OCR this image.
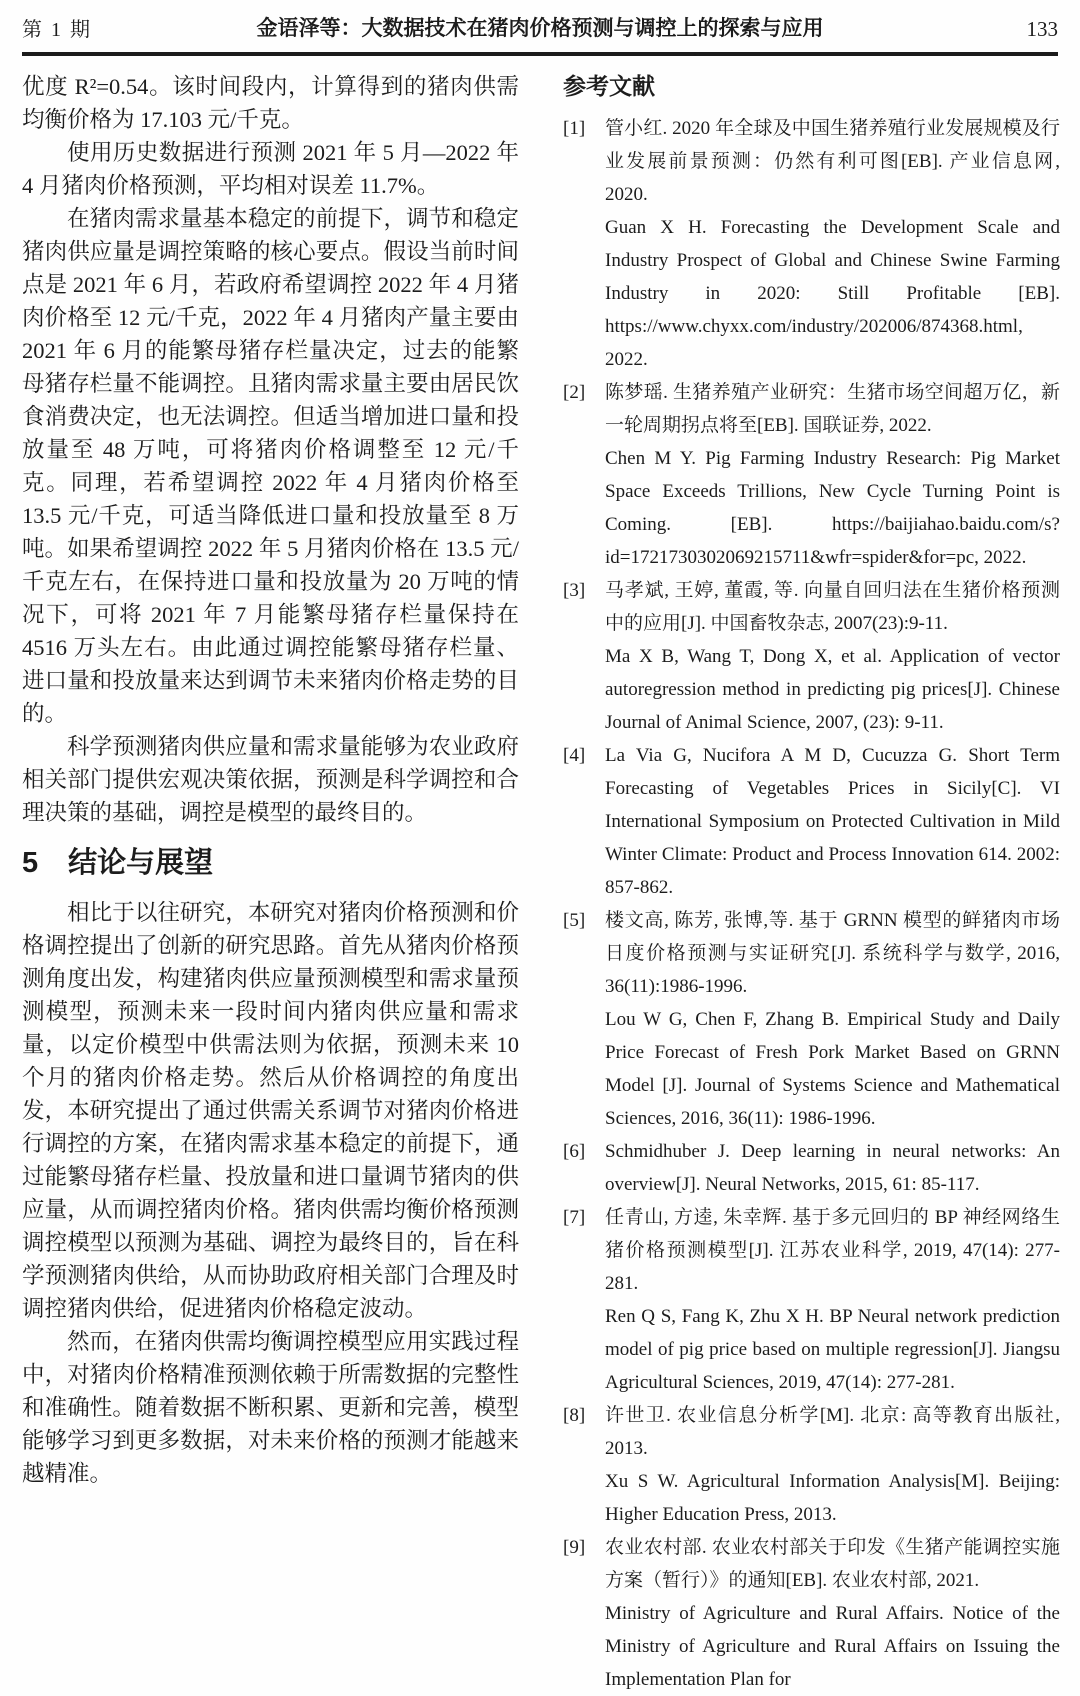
第 1 期	金语泽等：大数据技术在猪肉价格预测与调控上的探索与应用	133

优度 R²=0.54。该时间段内，计算得到的猪肉供需均衡价格为 17.103 元/千克。

使用历史数据进行预测 2021 年 5 月—2022 年 4 月猪肉价格预测，平均相对误差 11.7%。

在猪肉需求量基本稳定的前提下，调节和稳定猪肉供应量是调控策略的核心要点。假设当前时间点是 2021 年 6 月，若政府希望调控 2022 年 4 月猪肉价格至 12 元/千克，2022 年 4 月猪肉产量主要由 2021 年 6 月的能繁母猪存栏量决定，过去的能繁母猪存栏量不能调控。且猪肉需求量主要由居民饮食消费决定，也无法调控。但适当增加进口量和投放量至 48 万吨，可将猪肉价格调整至 12 元/千克。同理，若希望调控 2022 年 4 月猪肉价格至 13.5 元/千克，可适当降低进口量和投放量至 8 万吨。如果希望调控 2022 年 5 月猪肉价格在 13.5 元/千克左右，在保持进口量和投放量为 20 万吨的情况下，可将 2021 年 7 月能繁母猪存栏量保持在 4516 万头左右。由此通过调控能繁母猪存栏量、进口量和投放量来达到调节未来猪肉价格走势的目的。

科学预测猪肉供应量和需求量能够为农业政府相关部门提供宏观决策依据，预测是科学调控和合理决策的基础，调控是模型的最终目的。

5 结论与展望

相比于以往研究，本研究对猪肉价格预测和价格调控提出了创新的研究思路。首先从猪肉价格预测角度出发，构建猪肉供应量预测模型和需求量预测模型，预测未来一段时间内猪肉供应量和需求量，以定价模型中供需法则为依据，预测未来 10 个月的猪肉价格走势。然后从价格调控的角度出发，本研究提出了通过供需关系调节对猪肉价格进行调控的方案，在猪肉需求基本稳定的前提下，通过能繁母猪存栏量、投放量和进口量调节猪肉的供应量，从而调控猪肉价格。猪肉供需均衡价格预测调控模型以预测为基础、调控为最终目的，旨在科学预测猪肉供给，从而协助政府相关部门合理及时调控猪肉供给，促进猪肉价格稳定波动。

然而，在猪肉供需均衡调控模型应用实践过程中，对猪肉价格精准预测依赖于所需数据的完整性和准确性。随着数据不断积累、更新和完善，模型能够学习到更多数据，对未来价格的预测才能越来越精准。

参考文献
[1]	管小红. 2020 年全球及中国生猪养殖行业发展规模及行业发展前景预测：仍然有利可图[EB]. 产业信息网, 2020.
Guan X H. Forecasting the Development Scale and Industry Prospect of Global and Chinese Swine Farming Industry in 2020: Still Profitable [EB]. https://www.chyxx.com/industry/202006/874368.html, 2022.
[2]	陈梦瑶. 生猪养殖产业研究：生猪市场空间超万亿，新一轮周期拐点将至[EB]. 国联证券, 2022.
Chen M Y. Pig Farming Industry Research: Pig Market Space Exceeds Trillions, New Cycle Turning Point is Coming. [EB]. https://baijiahao.baidu.com/s?id=1721730302069215711&wfr=spider&for=pc, 2022.
[3]	马孝斌, 王婷, 董霞, 等. 向量自回归法在生猪价格预测中的应用[J]. 中国畜牧杂志, 2007(23):9-11.
Ma X B, Wang T, Dong X, et al. Application of vector autoregression method in predicting pig prices[J]. Chinese Journal of Animal Science, 2007, (23): 9-11.
[4]	La Via G, Nucifora A M D, Cucuzza G. Short Term Forecasting of Vegetables Prices in Sicily[C]. VI International Symposium on Protected Cultivation in Mild Winter Climate: Product and Process Innovation 614. 2002: 857-862.
[5]	楼文高, 陈芳, 张博,等. 基于 GRNN 模型的鲜猪肉市场日度价格预测与实证研究[J]. 系统科学与数学, 2016, 36(11):1986-1996.
Lou W G, Chen F, Zhang B. Empirical Study and Daily Price Forecast of Fresh Pork Market Based on GRNN Model [J]. Journal of Systems Science and Mathematical Sciences, 2016, 36(11): 1986-1996.
[6]	Schmidhuber J. Deep learning in neural networks: An overview[J]. Neural Networks, 2015, 61: 85-117.
[7]	任青山, 方逵, 朱幸辉. 基于多元回归的 BP 神经网络生猪价格预测模型[J]. 江苏农业科学, 2019, 47(14): 277-281.
Ren Q S, Fang K, Zhu X H. BP Neural network prediction model of pig price based on multiple regression[J]. Jiangsu Agricultural Sciences, 2019, 47(14): 277-281.
[8]	许世卫. 农业信息分析学[M]. 北京: 高等教育出版社, 2013.
Xu S W. Agricultural Information Analysis[M]. Beijing: Higher Education Press, 2013.
[9]	农业农村部. 农业农村部关于印发《生猪产能调控实施方案（暂行）》的通知[EB]. 农业农村部, 2021.
Ministry of Agriculture and Rural Affairs. Notice of the Ministry of Agriculture and Rural Affairs on Issuing the Implementation Plan for
